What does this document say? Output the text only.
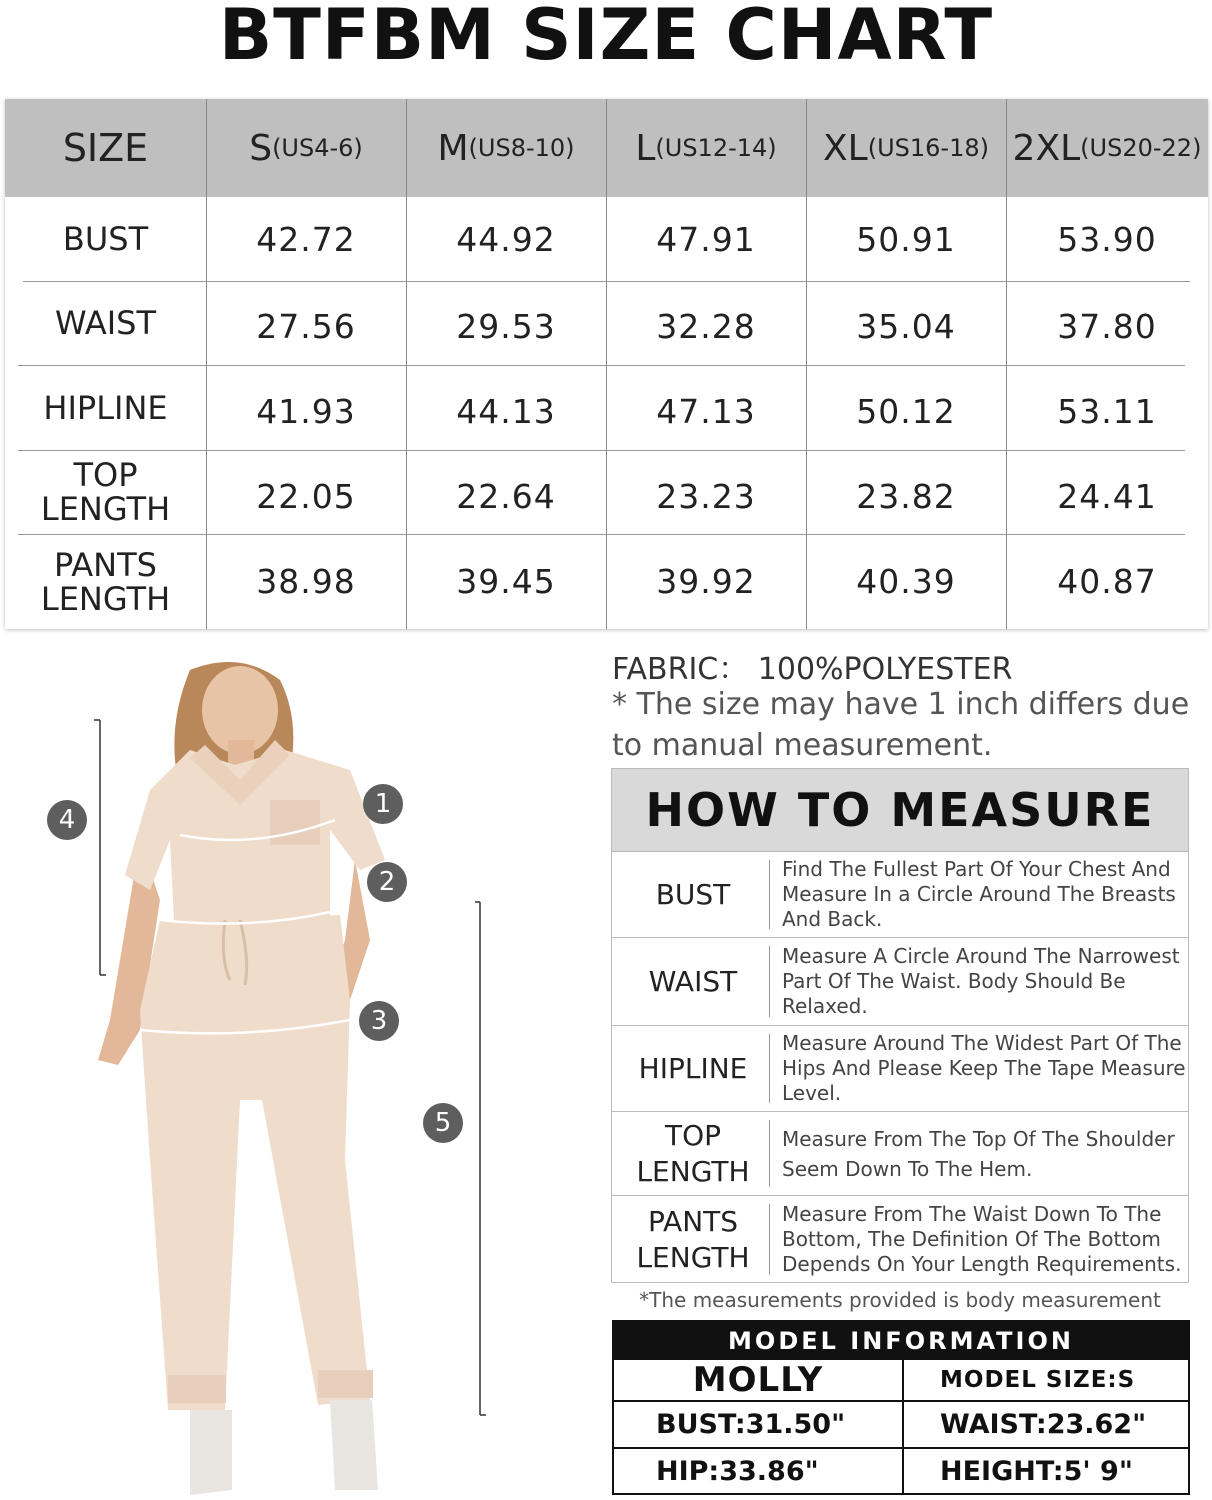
BTFBM SIZE CHART
SIZE	S (US4-6) M (US8-10) L (US12-14) XL (US16-18) 2XL (US20-22)
BUST	42.72	44.92	47.91	50.91	53.90
WAIST	27.56	29.53	32.28	35.04	37.80
HIPLINE	41.93	44.13	47.13	50.12	53.11
TOP
LENGTH	22.05	22.64	23.23	23.82	24.41
PANTS
LENGTH	38.98	39.45	39.92	40.39	40.87
1
2
3
4
5
FABRIC： 100%POLYESTER
* The size may have 1 inch differs due to manual measurement.
HOW TO MEASURE
BUST
Find The Fullest Part Of Your Chest And Measure In a Circle Around The Breasts And Back.
WAIST
Measure A Circle Around The Narrowest Part Of The Waist. Body Should Be Relaxed.
HIPLINE
Measure Around The Widest Part Of The Hips And Please Keep The Tape Measure Level.
TOP
LENGTH
Measure From The Top Of The Shoulder Seem Down To The Hem.
PANTS
LENGTH
Measure From The Waist Down To The Bottom, The Definition Of The Bottom Depends On Your Length Requirements.
*The measurements provided is body measurement
MODEL INFORMATION
MOLLY	MODEL SIZE:S
BUST:31.50"	WAIST:23.62"
HIP:33.86"	HEIGHT:5' 9"
